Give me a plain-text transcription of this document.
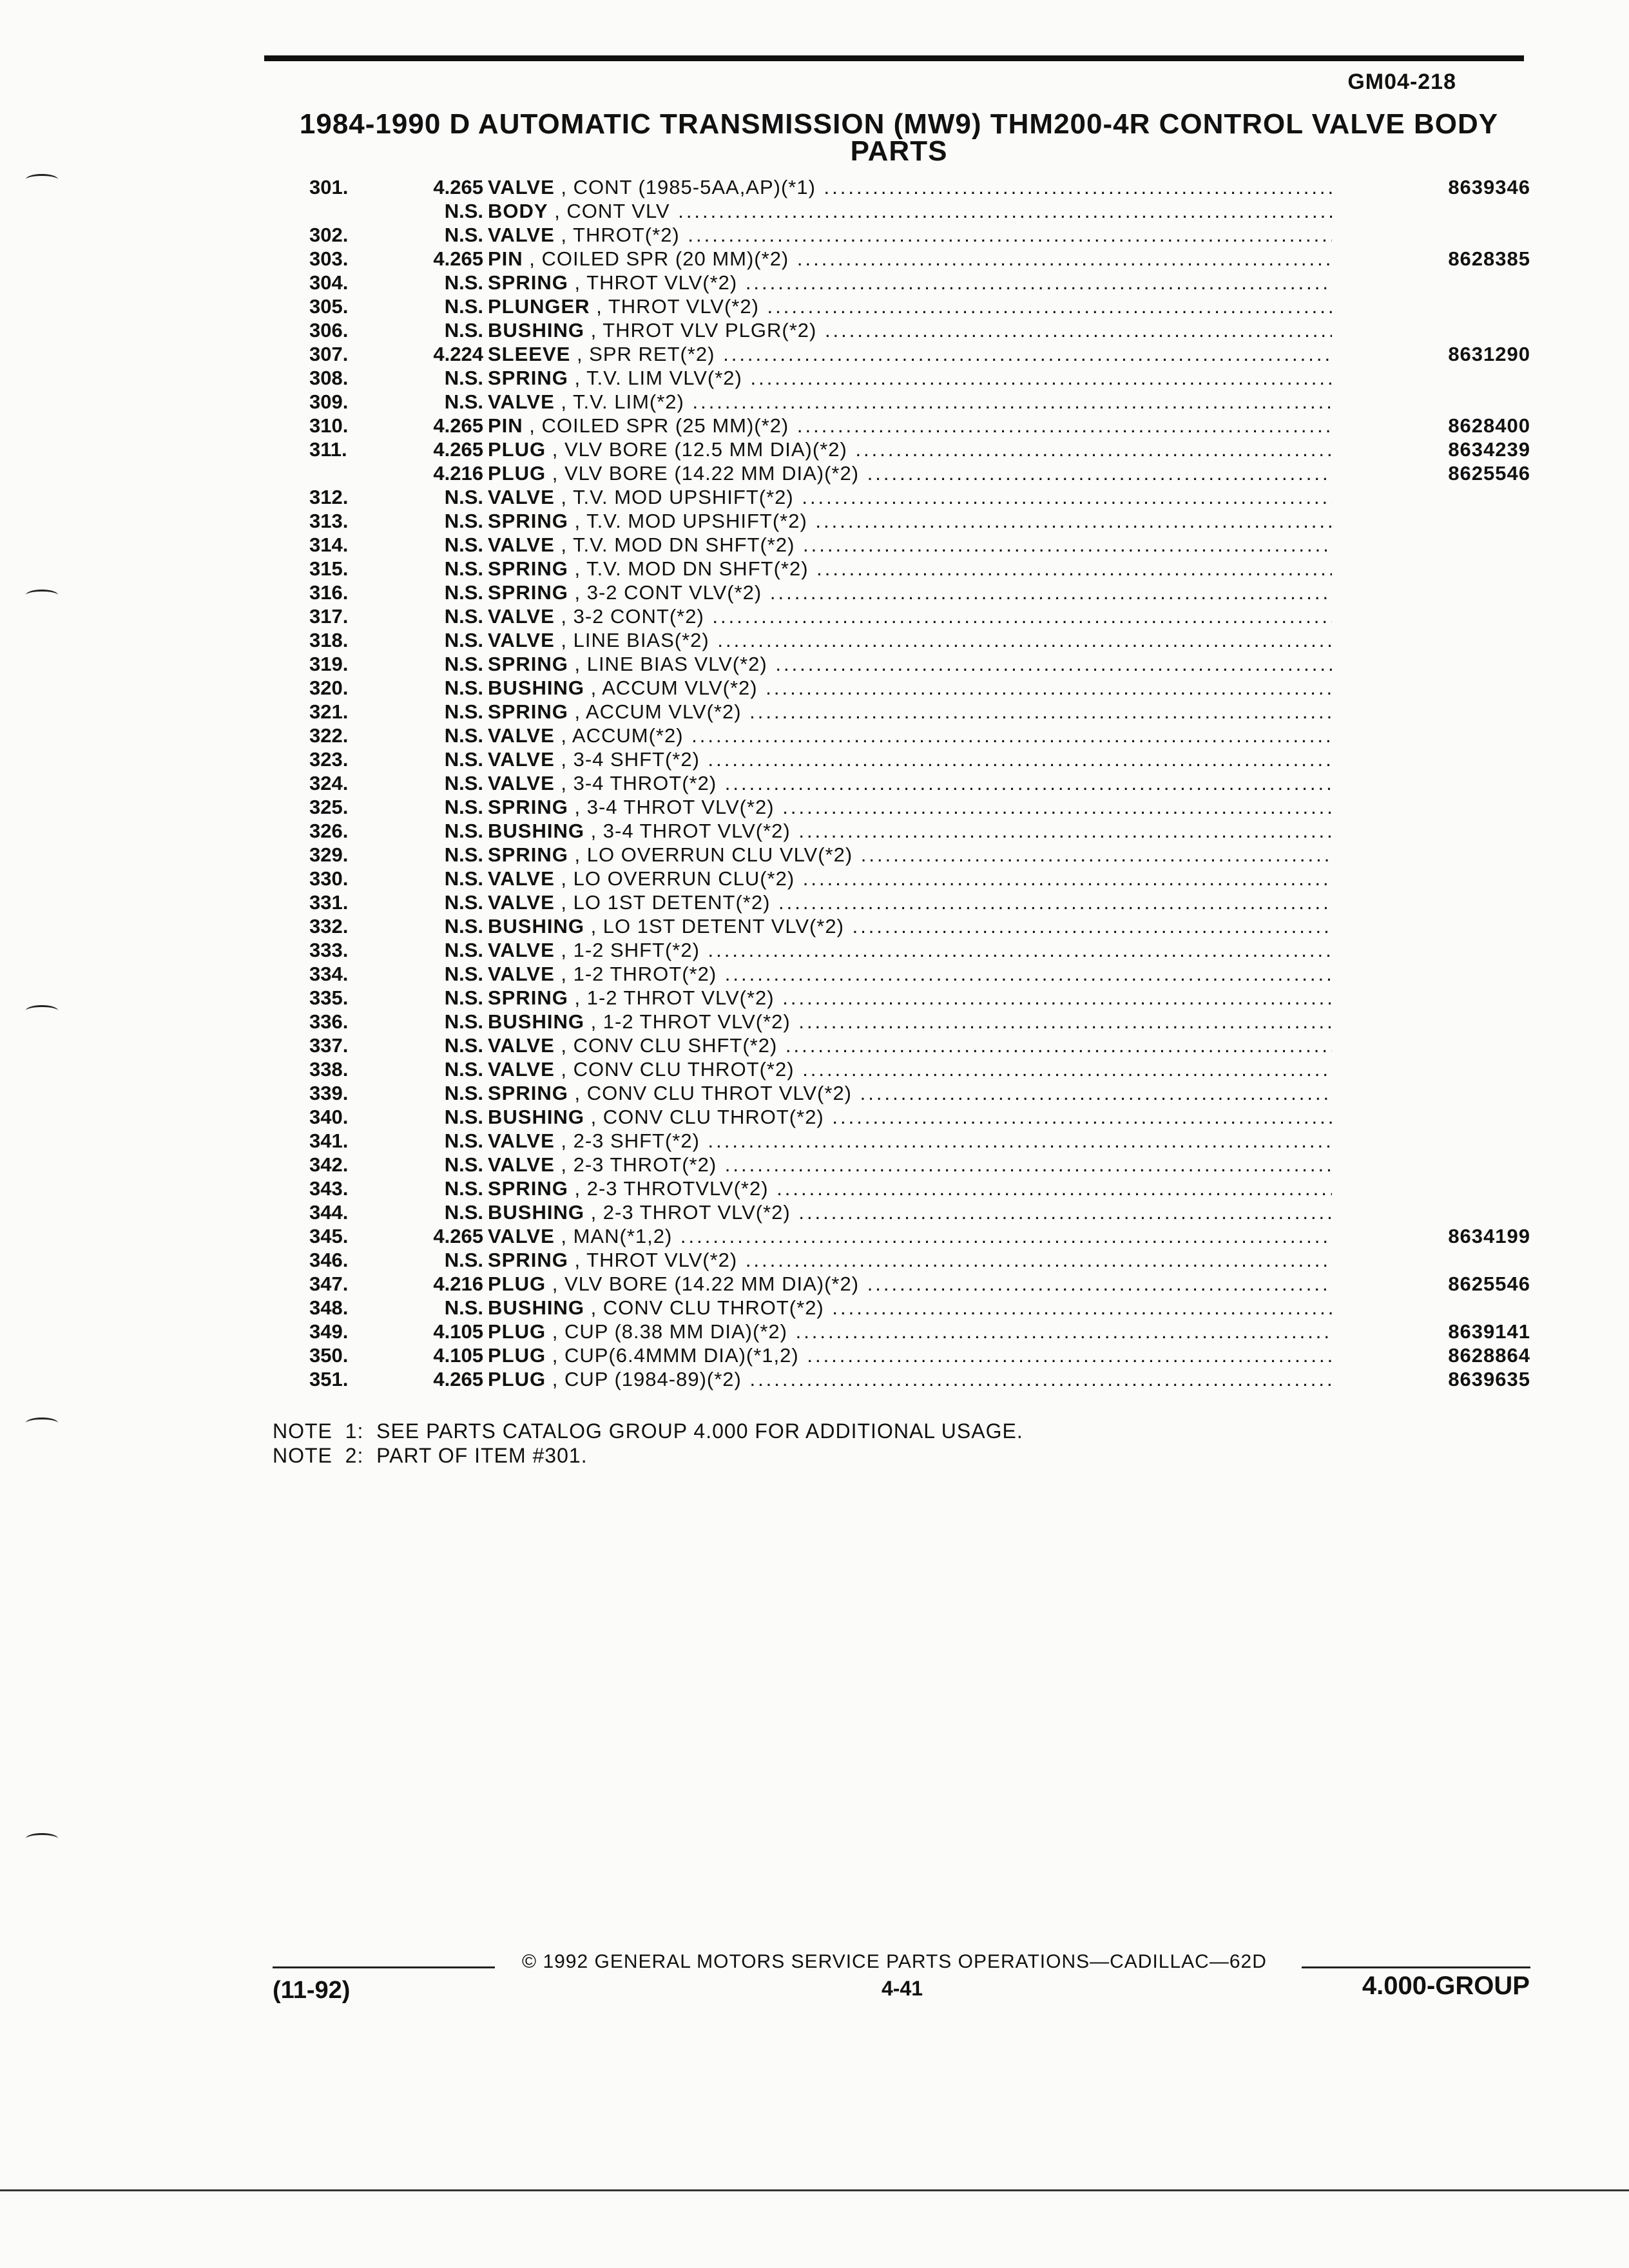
GM04-218
1984-1990 D AUTOMATIC TRANSMISSION (MW9) THM200-4R CONTROL VALVE BODY
PARTS
301.	4.265 VALVE , CONT (1985-5AA,AP)(*1) .....	8639346
N.S. BODY , CONT VLV .....
302.	N.S. VALVE , THROT(*2) .....
303.	4.265 PIN , COILED SPR (20 MM)(*2) .....	8628385
304.	N.S. SPRING , THROT VLV(*2) .....
305.	N.S. PLUNGER , THROT VLV(*2) .....
306.	N.S. BUSHING , THROT VLV PLGR(*2) .....
307.	4.224 SLEEVE , SPR RET(*2) .....	8631290
308.	N.S. SPRING , T.V. LIM VLV(*2) .....
309.	N.S. VALVE , T.V. LIM(*2) .....
310.	4.265 PIN , COILED SPR (25 MM)(*2) .....	8628400
311.	4.265 PLUG , VLV BORE (12.5 MM DIA)(*2) .....	8634239
4.216 PLUG , VLV BORE (14.22 MM DIA)(*2) .....	8625546
312.	N.S. VALVE , T.V. MOD UPSHIFT(*2) .....
313.	N.S. SPRING , T.V. MOD UPSHIFT(*2) .....
314.	N.S. VALVE , T.V. MOD DN SHFT(*2) .....
315.	N.S. SPRING , T.V. MOD DN SHFT(*2) .....
316.	N.S. SPRING , 3-2 CONT VLV(*2) .....
317.	N.S. VALVE , 3-2 CONT(*2) .....
318.	N.S. VALVE , LINE BIAS(*2) .....
319.	N.S. SPRING , LINE BIAS VLV(*2) .....
320.	N.S. BUSHING , ACCUM VLV(*2) .....
321.	N.S. SPRING , ACCUM VLV(*2) .....
322.	N.S. VALVE , ACCUM(*2) .....
323.	N.S. VALVE , 3-4 SHFT(*2) .....
324.	N.S. VALVE , 3-4 THROT(*2) .....
325.	N.S. SPRING , 3-4 THROT VLV(*2) .....
326.	N.S. BUSHING , 3-4 THROT VLV(*2) .....
329.	N.S. SPRING , LO OVERRUN CLU VLV(*2) .....
330.	N.S. VALVE , LO OVERRUN CLU(*2) .....
331.	N.S. VALVE , LO 1ST DETENT(*2) .....
332.	N.S. BUSHING , LO 1ST DETENT VLV(*2) .....
333.	N.S. VALVE , 1-2 SHFT(*2) .....
334.	N.S. VALVE , 1-2 THROT(*2) .....
335.	N.S. SPRING , 1-2 THROT VLV(*2) .....
336.	N.S. BUSHING , 1-2 THROT VLV(*2) .....
337.	N.S. VALVE , CONV CLU SHFT(*2) .....
338.	N.S. VALVE , CONV CLU THROT(*2) .....
339.	N.S. SPRING , CONV CLU THROT VLV(*2) .....
340.	N.S. BUSHING , CONV CLU THROT(*2) .....
341.	N.S. VALVE , 2-3 SHFT(*2) .....
342.	N.S. VALVE , 2-3 THROT(*2) .....
343.	N.S. SPRING , 2-3 THROTVLV(*2) .....
344.	N.S. BUSHING , 2-3 THROT VLV(*2) .....
345.	4.265 VALVE , MAN(*1,2) .....	8634199
346.	N.S. SPRING , THROT VLV(*2) .....
347.	4.216 PLUG , VLV BORE (14.22 MM DIA)(*2) .....	8625546
348.	N.S. BUSHING , CONV CLU THROT(*2) .....
349.	4.105 PLUG , CUP (8.38 MM DIA)(*2) .....	8639141
350.	4.105 PLUG , CUP(6.4MMM DIA)(*1,2) .....	8628864
351.	4.265 PLUG , CUP (1984-89)(*2) .....	8639635
NOTE  1:  SEE PARTS CATALOG GROUP 4.000 FOR ADDITIONAL USAGE.
NOTE  2:  PART OF ITEM #301.
© 1992 GENERAL MOTORS SERVICE PARTS OPERATIONS—CADILLAC—62D
(11-92)	4-41	4.000-GROUP
